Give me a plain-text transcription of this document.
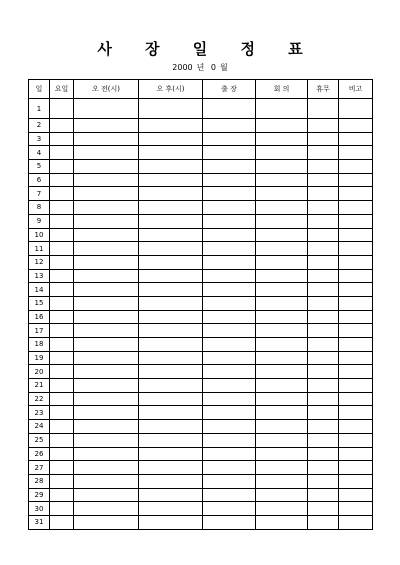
사 장 일 정 표
2000 년 0 월
일	요일	오 전(시)	오 후(시)	출 장	회 의	휴무	비고
1							
2							
3							
4							
5							
6							
7							
8							
9							
10							
11							
12							
13							
14							
15							
16							
17							
18							
19							
20							
21							
22							
23							
24							
25							
26							
27							
28							
29							
30							
31							
